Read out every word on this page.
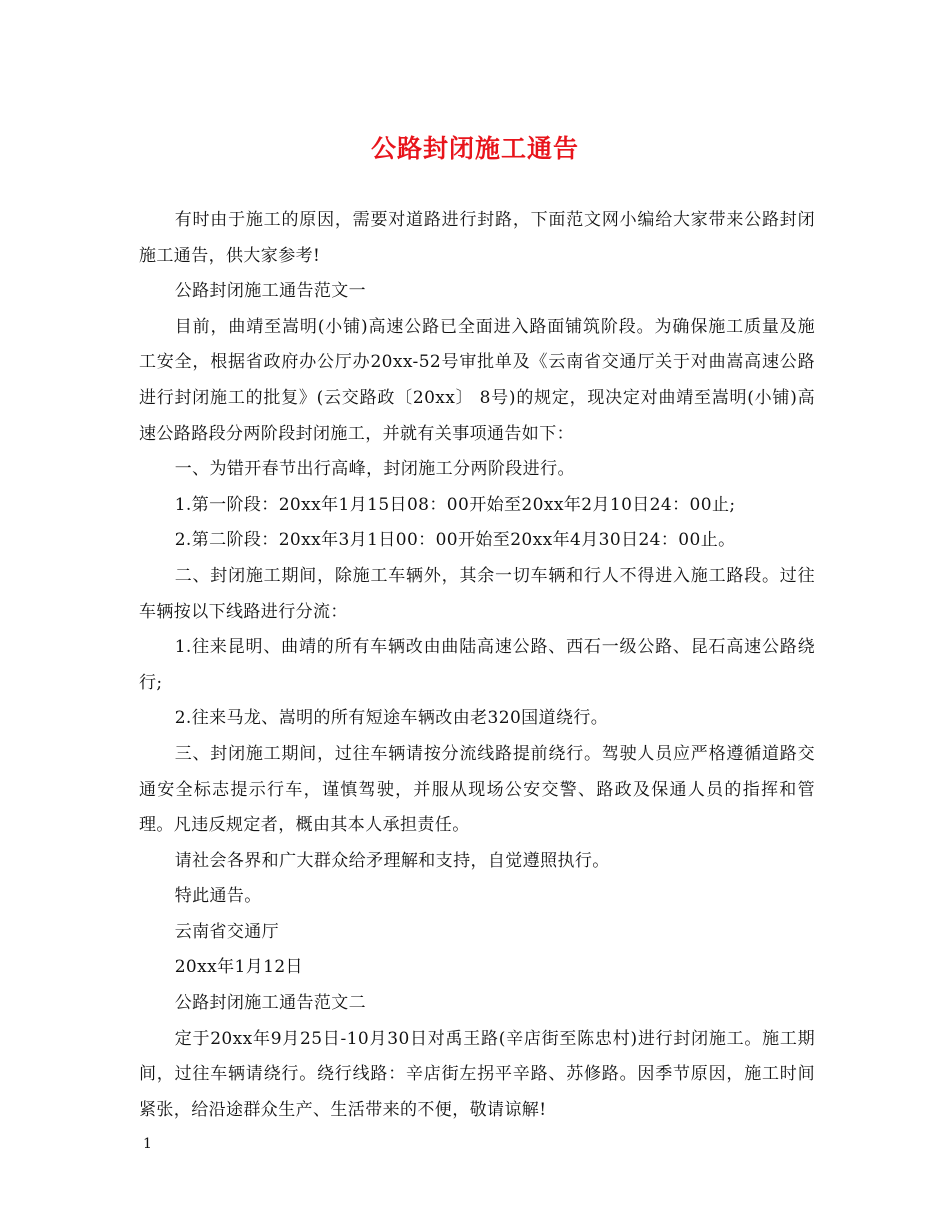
公路封闭施工通告

有时由于施工的原因，需要对道路进行封路，下面范文网小编给大家带来公路封闭施工通告，供大家参考!

公路封闭施工通告范文一

目前，曲靖至嵩明(小铺)高速公路已全面进入路面铺筑阶段。为确保施工质量及施工安全，根据省政府办公厅办20xx-52号审批单及《云南省交通厅关于对曲嵩高速公路进行封闭施工的批复》(云交路政〔20xx〕 8号)的规定，现决定对曲靖至嵩明(小铺)高速公路路段分两阶段封闭施工，并就有关事项通告如下：

一、为错开春节出行高峰，封闭施工分两阶段进行。

1.第一阶段：20xx年1月15日08：00开始至20xx年2月10日24：00止;

2.第二阶段：20xx年3月1日00：00开始至20xx年4月30日24：00止。

二、封闭施工期间，除施工车辆外，其余一切车辆和行人不得进入施工路段。过往车辆按以下线路进行分流：

1.往来昆明、曲靖的所有车辆改由曲陆高速公路、西石一级公路、昆石高速公路绕行;

2.往来马龙、嵩明的所有短途车辆改由老320国道绕行。

三、封闭施工期间，过往车辆请按分流线路提前绕行。驾驶人员应严格遵循道路交通安全标志提示行车，谨慎驾驶，并服从现场公安交警、路政及保通人员的指挥和管理。凡违反规定者，概由其本人承担责任。

请社会各界和广大群众给矛理解和支持，自觉遵照执行。

特此通告。

云南省交通厅

20xx年1月12日

公路封闭施工通告范文二

定于20xx年9月25日-10月30日对禹王路(辛店街至陈忠村)进行封闭施工。施工期间，过往车辆请绕行。绕行线路：辛店街左拐平辛路、苏修路。因季节原因，施工时间紧张，给沿途群众生产、生活带来的不便，敬请谅解!

1
